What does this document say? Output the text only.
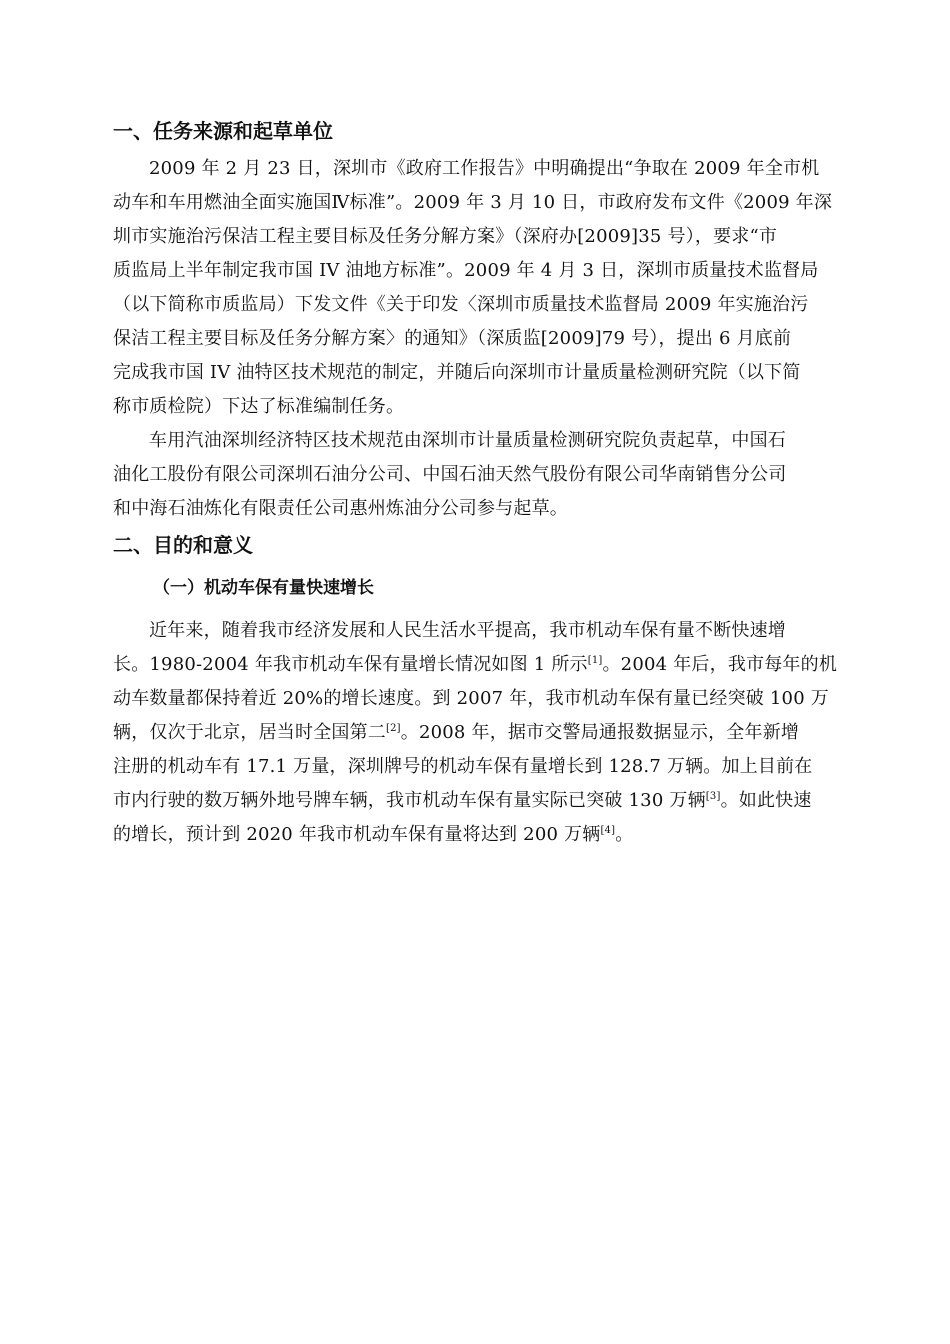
一、任务来源和起草单位

2009 年 2 月 23 日，深圳市《政府工作报告》中明确提出“争取在 2009 年全市机
动车和车用燃油全面实施国Ⅳ标准”。2009 年 3 月 10 日，市政府发布文件《2009 年深
圳市实施治污保洁工程主要目标及任务分解方案》（深府办[2009]35 号），要求“市
质监局上半年制定我市国 IV 油地方标准”。2009 年 4 月 3 日，深圳市质量技术监督局
（以下简称市质监局）下发文件《关于印发〈深圳市质量技术监督局 2009 年实施治污
保洁工程主要目标及任务分解方案〉的通知》（深质监[2009]79 号），提出 6 月底前
完成我市国 IV 油特区技术规范的制定，并随后向深圳市计量质量检测研究院（以下简
称市质检院）下达了标准编制任务。

车用汽油深圳经济特区技术规范由深圳市计量质量检测研究院负责起草，中国石
油化工股份有限公司深圳石油分公司、中国石油天然气股份有限公司华南销售分公司
和中海石油炼化有限责任公司惠州炼油分公司参与起草。

二、目的和意义
（一）机动车保有量快速增长

近年来，随着我市经济发展和人民生活水平提高，我市机动车保有量不断快速增
长。1980-2004 年我市机动车保有量增长情况如图 1 所示[1]。2004 年后，我市每年的机
动车数量都保持着近 20%的增长速度。到 2007 年，我市机动车保有量已经突破 100 万
辆，仅次于北京，居当时全国第二[2]。2008 年，据市交警局通报数据显示，全年新增
注册的机动车有 17.1 万量，深圳牌号的机动车保有量增长到 128.7 万辆。加上目前在
市内行驶的数万辆外地号牌车辆，我市机动车保有量实际已突破 130 万辆[3]。如此快速
的增长，预计到 2020 年我市机动车保有量将达到 200 万辆[4]。
